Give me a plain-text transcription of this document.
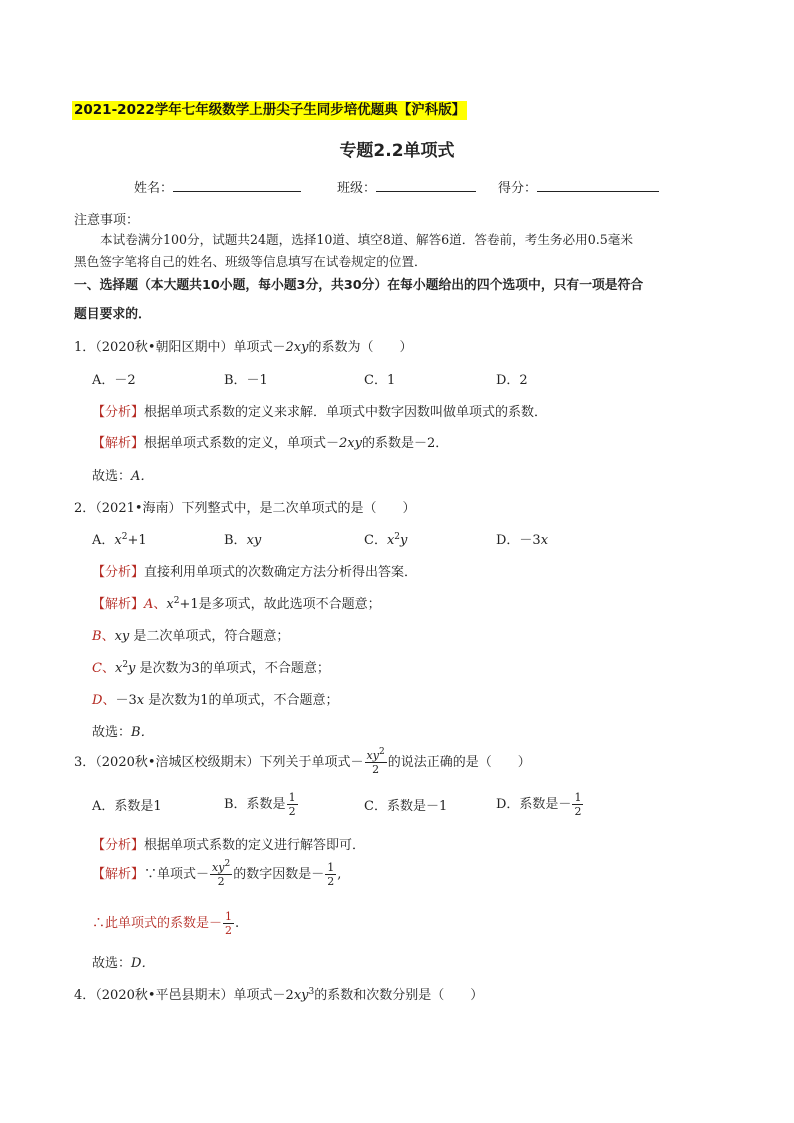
2021-2022学年七年级数学上册尖子生同步培优题典【沪科版】
专题2.2单项式
姓名：	班级：	得分：
注意事项：
本试卷满分100分，试题共24题，选择10道、填空8道、解答6道．答卷前，考生务必用0.5毫米
黑色签字笔将自己的姓名、班级等信息填写在试卷规定的位置．
一、选择题（本大题共10小题，每小题3分，共30分）在每小题给出的四个选项中，只有一项是符合
题目要求的．
1．（2020秋•朝阳区期中）单项式－2xy的系数为（　　）
A．－2	B．－1	C．1	D．2
【分析】根据单项式系数的定义来求解．单项式中数字因数叫做单项式的系数．
【解析】根据单项式系数的定义，单项式－2xy的系数是－2．
故选：A．
2．（2021•海南）下列整式中，是二次单项式的是（　　）
A．$x^2+1$	B．xy	C．$x^2y$	D．－3x
【分析】直接利用单项式的次数确定方法分析得出答案．
【解析】A、$x^2+1$是多项式，故此选项不合题意；
B、xy 是二次单项式，符合题意；
C、$x^2y$ 是次数为3的单项式，不合题意；
D、－3x 是次数为1的单项式，不合题意；
故选：B．
3．（2020秋•涪城区校级期末）下列关于单项式－ $\frac{xy^2}{2}$ 的说法正确的是（　　）
A．系数是1	B．系数是 $\frac{1}{2}$	C．系数是－1	D．系数是－ $\frac{1}{2}$
【分析】根据单项式系数的定义进行解答即可．
【解析】∵单项式－ $\frac{xy^2}{2}$ 的数字因数是－ $\frac{1}{2}$ ,
∴此单项式的系数是－ $\frac{1}{2}$ .
故选：D．
4．（2020秋•平邑县期末）单项式$-2xy^3$的系数和次数分别是（　　）
